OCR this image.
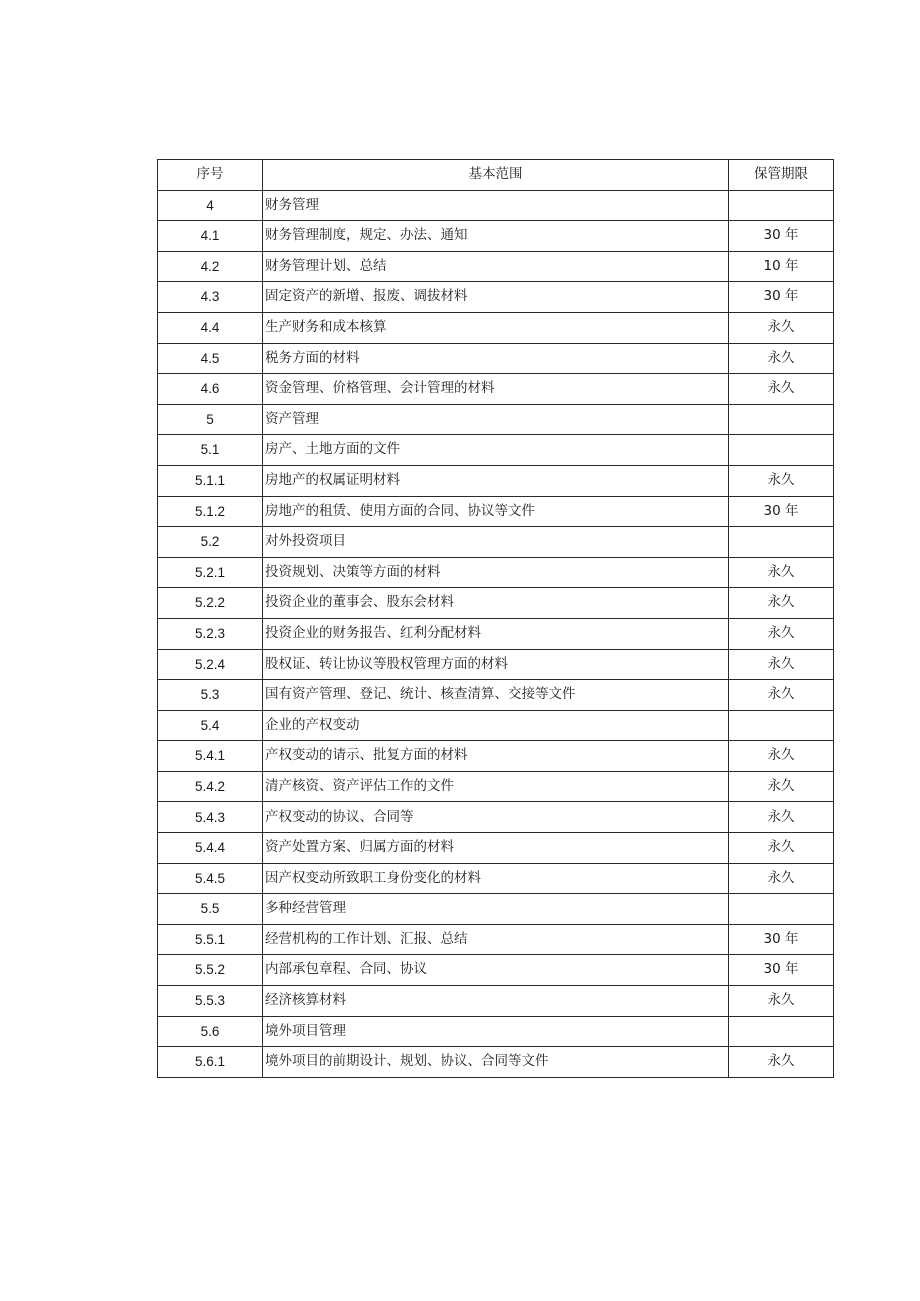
序号	基本范围	保管期限
4	财务管理	
4.1	财务管理制度，规定、办法、通知	30 年
4.2	财务管理计划、总结	10 年
4.3	固定资产的新增、报废、调拔材料	30 年
4.4	生产财务和成本核算	永久
4.5	税务方面的材料	永久
4.6	资金管理、价格管理、会计管理的材料	永久
5	资产管理	
5.1	房产、土地方面的文件	
5.1.1	房地产的权属证明材料	永久
5.1.2	房地产的租赁、使用方面的合同、协议等文件	30 年
5.2	对外投资项目	
5.2.1	投资规划、决策等方面的材料	永久
5.2.2	投资企业的董事会、股东会材料	永久
5.2.3	投资企业的财务报告、红利分配材料	永久
5.2.4	股权证、转让协议等股权管理方面的材料	永久
5.3	国有资产管理、登记、统计、核查清算、交接等文件	永久
5.4	企业的产权变动	
5.4.1	产权变动的请示、批复方面的材料	永久
5.4.2	清产核资、资产评估工作的文件	永久
5.4.3	产权变动的协议、合同等	永久
5.4.4	资产处置方案、归属方面的材料	永久
5.4.5	因产权变动所致职工身份变化的材料	永久
5.5	多种经营管理	
5.5.1	经营机构的工作计划、汇报、总结	30 年
5.5.2	内部承包章程、合同、协议	30 年
5.5.3	经济核算材料	永久
5.6	境外项目管理	
5.6.1	境外项目的前期设计、规划、协议、合同等文件	永久
